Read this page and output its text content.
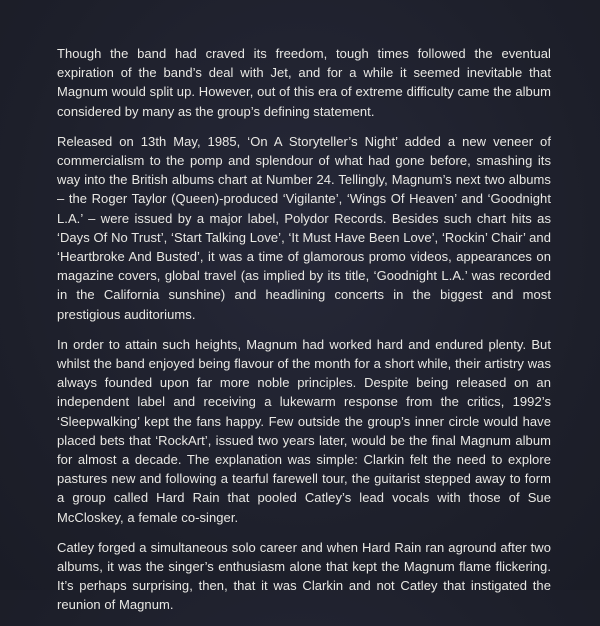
Though the band had craved its freedom, tough times followed the eventual expiration of the band’s deal with Jet, and for a while it seemed inevitable that Magnum would split up. However, out of this era of extreme difficulty came the album considered by many as the group’s defining statement.

Released on 13th May, 1985, ‘On A Storyteller’s Night’ added a new veneer of commercialism to the pomp and splendour of what had gone before, smashing its way into the British albums chart at Number 24. Tellingly, Magnum’s next two albums – the Roger Taylor (Queen)-produced ‘Vigilante’, ‘Wings Of Heaven’ and ‘Goodnight L.A.’ – were issued by a major label, Polydor Records. Besides such chart hits as ‘Days Of No Trust’, ‘Start Talking Love’, ‘It Must Have Been Love’, ‘Rockin’ Chair’ and ‘Heartbroke And Busted’, it was a time of glamorous promo videos, appearances on magazine covers, global travel (as implied by its title, ‘Goodnight L.A.’ was recorded in the California sunshine) and headlining concerts in the biggest and most prestigious auditoriums.

In order to attain such heights, Magnum had worked hard and endured plenty. But whilst the band enjoyed being flavour of the month for a short while, their artistry was always founded upon far more noble principles. Despite being released on an independent label and receiving a lukewarm response from the critics, 1992’s ‘Sleepwalking’ kept the fans happy. Few outside the group’s inner circle would have placed bets that ‘RockArt’, issued two years later, would be the final Magnum album for almost a decade. The explanation was simple: Clarkin felt the need to explore pastures new and following a tearful farewell tour, the guitarist stepped away to form a group called Hard Rain that pooled Catley’s lead vocals with those of Sue McCloskey, a female co-singer.

Catley forged a simultaneous solo career and when Hard Rain ran aground after two albums, it was the singer’s enthusiasm alone that kept the Magnum flame flickering. It’s perhaps surprising, then, that it was Clarkin and not Catley that instigated the reunion of Magnum.
